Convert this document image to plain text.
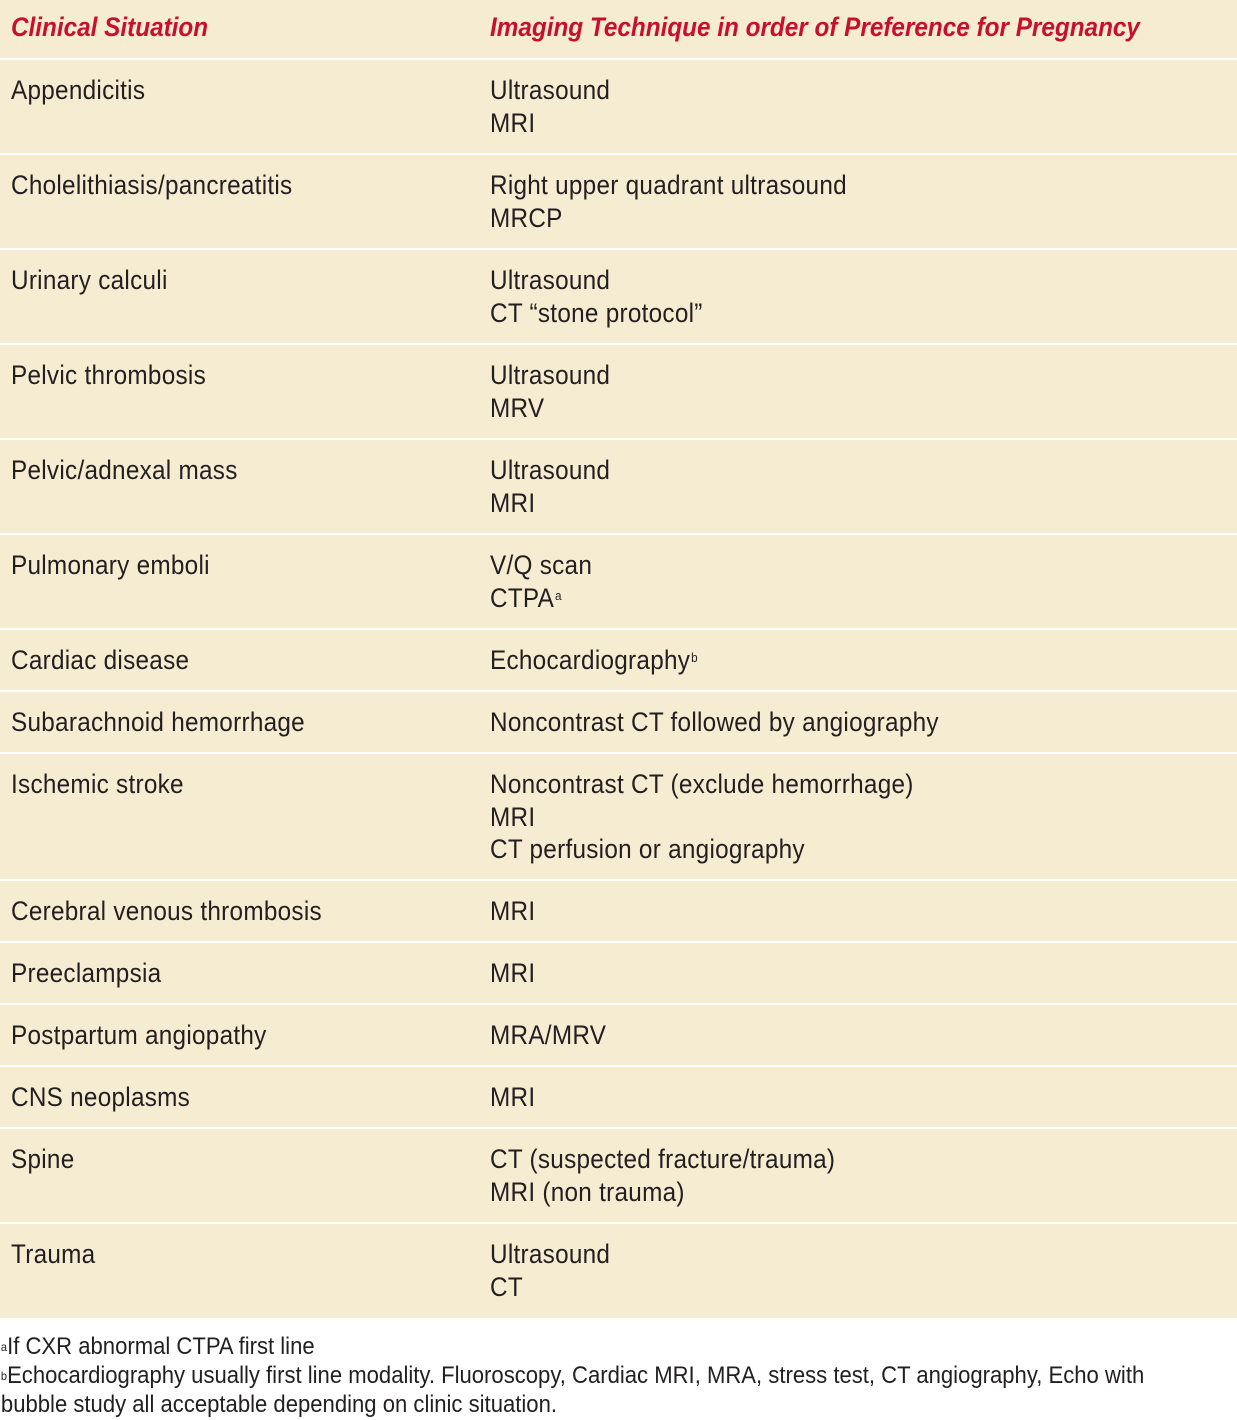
Clinical Situation	Imaging Technique in order of Preference for Pregnancy
Appendicitis	Ultrasound
MRI
Cholelithiasis/pancreatitis	Right upper quadrant ultrasound
MRCP
Urinary calculi	Ultrasound
CT “stone protocol”
Pelvic thrombosis	Ultrasound
MRV
Pelvic/adnexal mass	Ultrasound
MRI
Pulmonary emboli	V/Q scan
CTPA$^a$
Cardiac disease	Echocardiography$^b$
Subarachnoid hemorrhage	Noncontrast CT followed by angiography
Ischemic stroke	Noncontrast CT (exclude hemorrhage)
MRI
CT perfusion or angiography
Cerebral venous thrombosis	MRI
Preeclampsia	MRI
Postpartum angiopathy	MRA/MRV
CNS neoplasms	MRI
Spine	CT (suspected fracture/trauma)
MRI (non trauma)
Trauma	Ultrasound
CT
$^a$If CXR abnormal CTPA first line
$^b$Echocardiography usually first line modality. Fluoroscopy, Cardiac MRI, MRA, stress test, CT angiography, Echo with
bubble study all acceptable depending on clinic situation.
